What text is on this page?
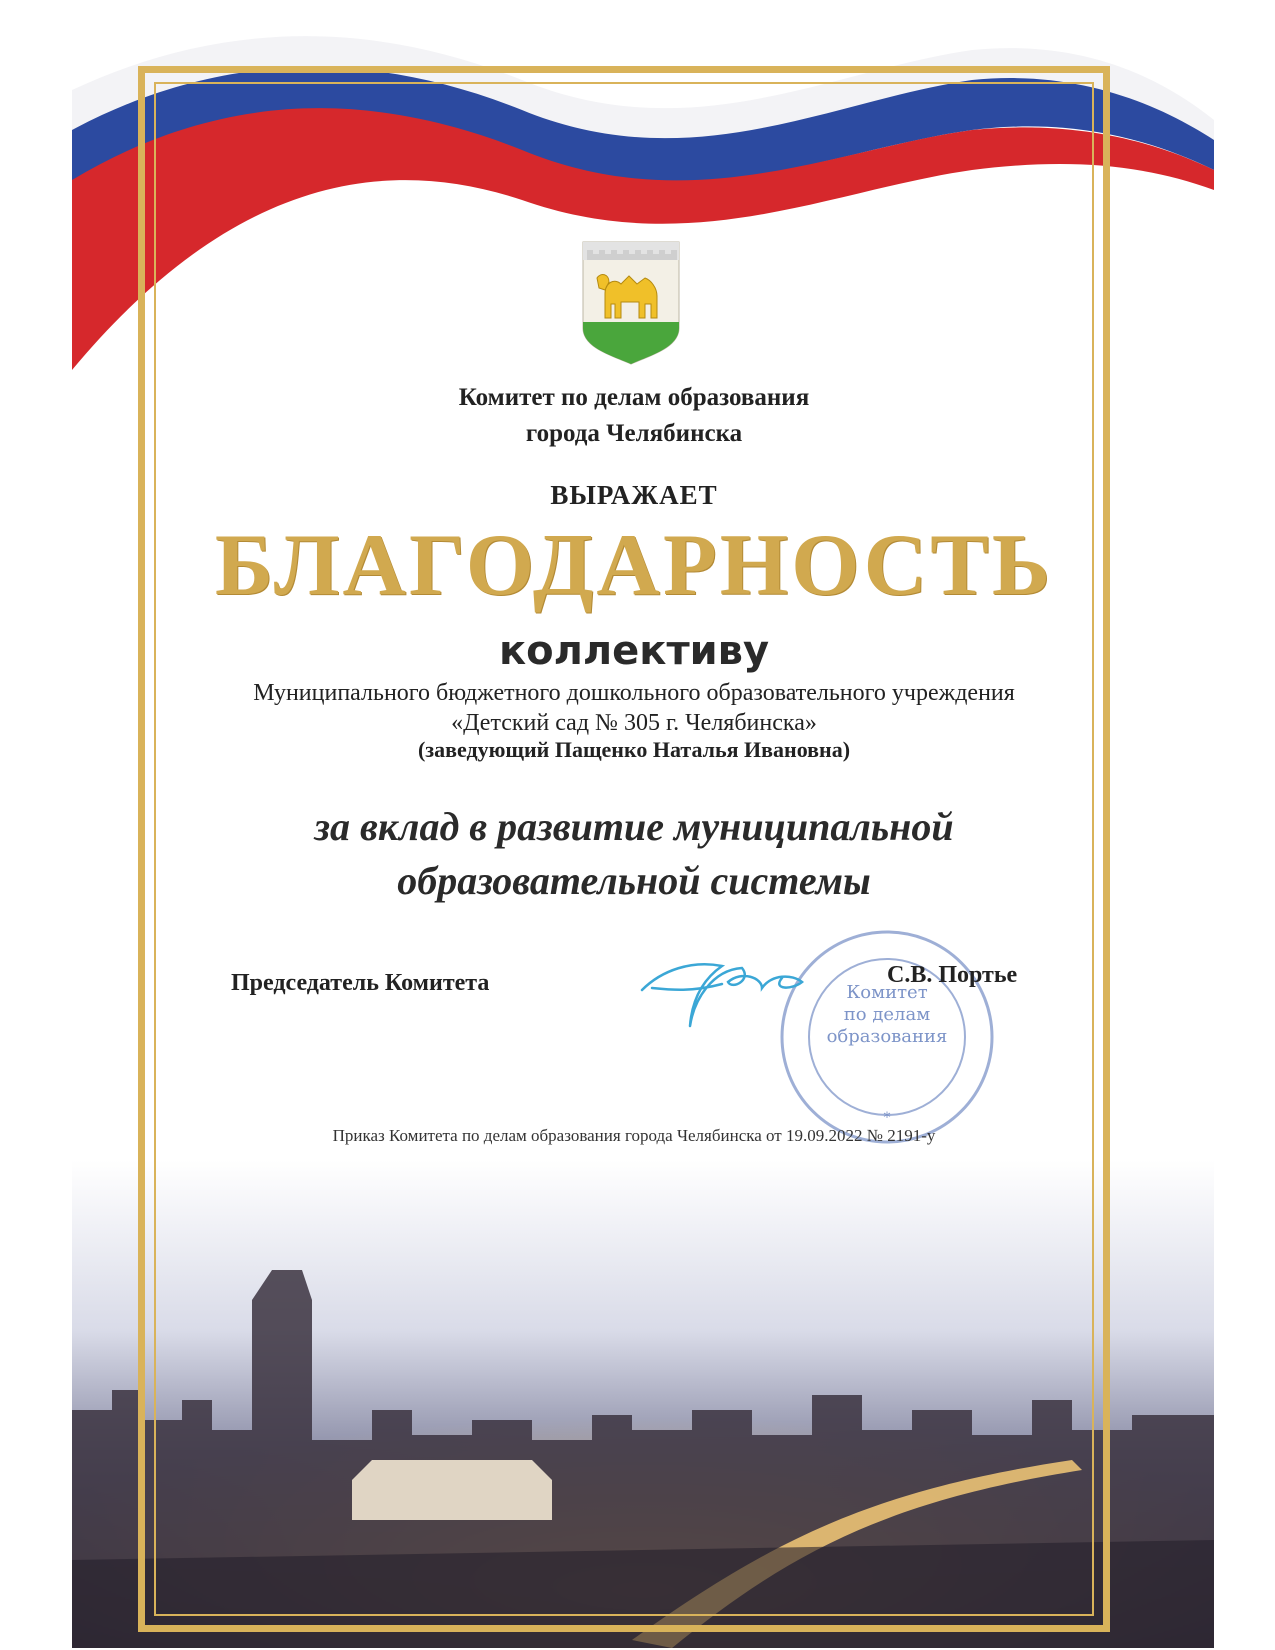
Комитет по делам образования
города Челябинска
ВЫРАЖАЕТ
БЛАГОДАРНОСТЬ
коллективу
Муниципального бюджетного дошкольного образовательного учреждения
«Детский сад № 305 г. Челябинска»
(заведующий Пащенко Наталья Ивановна)
за вклад в развитие муниципальной
образовательной системы
Председатель Комитета
*
Комитет
по делам
образования
С.В. Портье
Приказ Комитета по делам образования города Челябинска от 19.09.2022 № 2191-у
